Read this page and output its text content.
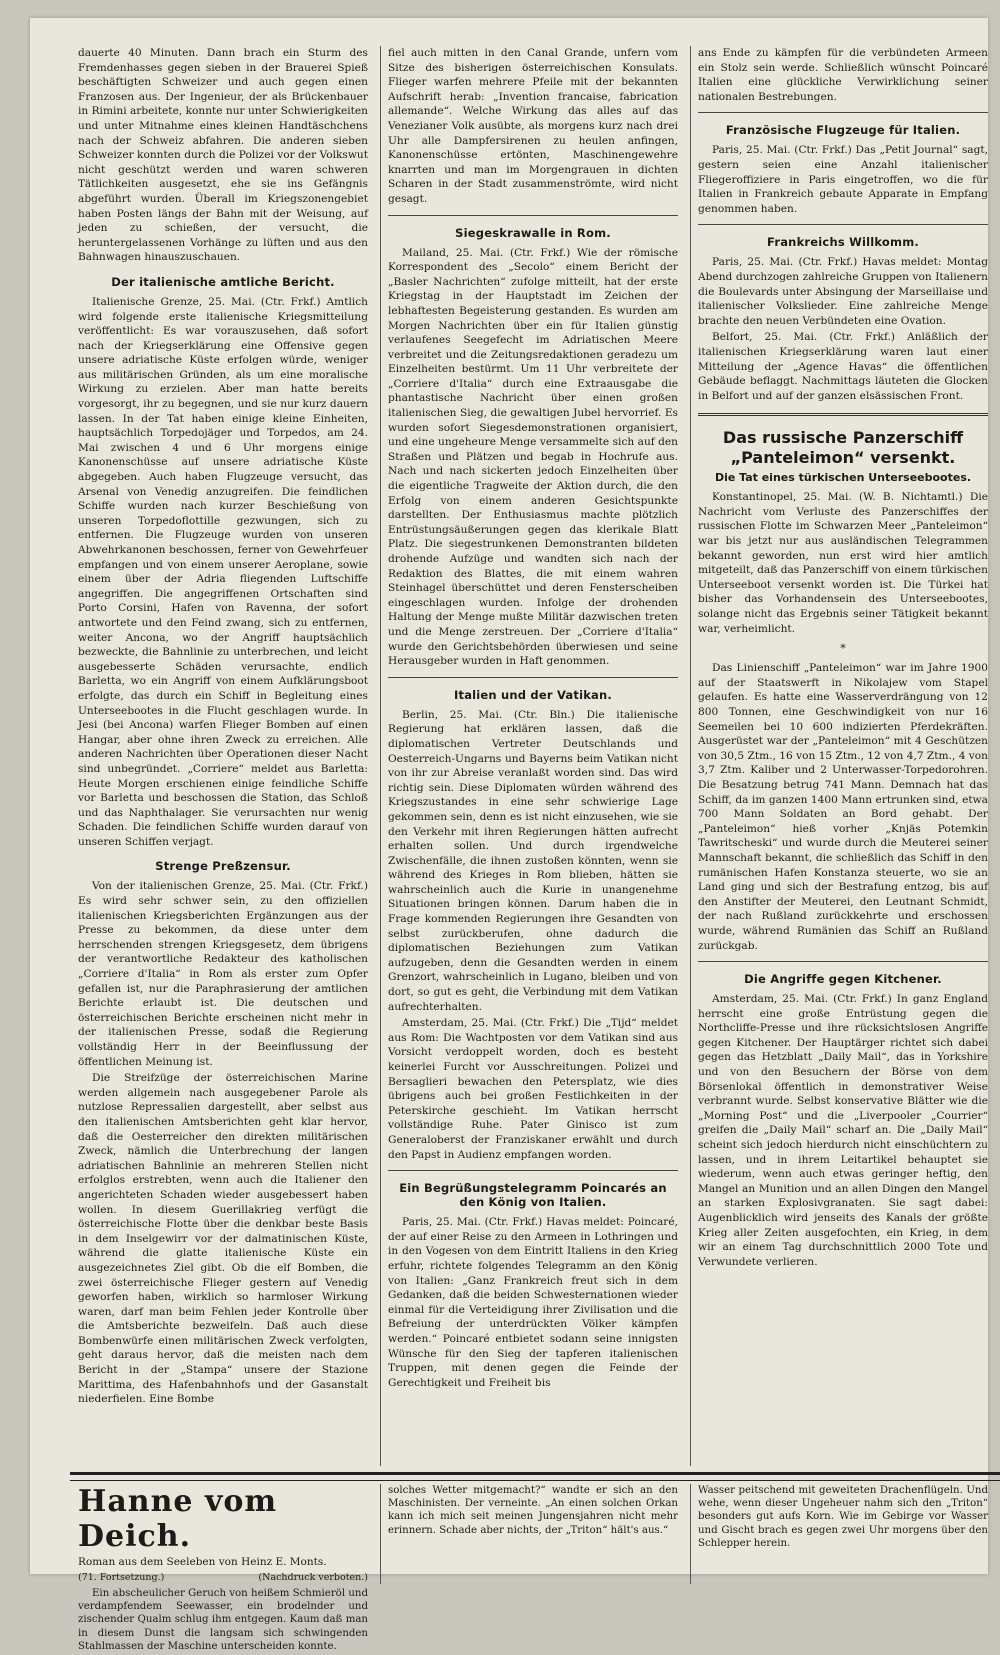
dauerte 40 Minuten. Dann brach ein Sturm des Fremdenhasses gegen sieben in der Brauerei Spieß beschäftigten Schweizer und auch gegen einen Franzosen aus. Der Ingenieur, der als Brückenbauer in Rimini arbeitete, konnte nur unter Schwierigkeiten und unter Mitnahme eines kleinen Handtäschchens nach der Schweiz abfahren. Die anderen sieben Schweizer konnten durch die Polizei vor der Volkswut nicht geschützt werden und waren schweren Tätlichkeiten ausgesetzt, ehe sie ins Gefängnis abgeführt wurden. Überall im Kriegszonengebiet haben Posten längs der Bahn mit der Weisung, auf jeden zu schießen, der versucht, die heruntergelassenen Vorhänge zu lüften und aus den Bahnwagen hinauszuschauen.

Der italienische amtliche Bericht.

Italienische Grenze, 25. Mai. (Ctr. Frkf.) Amtlich wird folgende erste italienische Kriegsmitteilung veröffentlicht: Es war vorauszusehen, daß sofort nach der Kriegserklärung eine Offensive gegen unsere adriatische Küste erfolgen würde, weniger aus militärischen Gründen, als um eine moralische Wirkung zu erzielen. Aber man hatte bereits vorgesorgt, ihr zu begegnen, und sie nur kurz dauern lassen. In der Tat haben einige kleine Einheiten, hauptsächlich Torpedojäger und Torpedos, am 24. Mai zwischen 4 und 6 Uhr morgens einige Kanonenschüsse auf unsere adriatische Küste abgegeben. Auch haben Flugzeuge versucht, das Arsenal von Venedig anzugreifen. Die feindlichen Schiffe wurden nach kurzer Beschießung von unseren Torpedoflottille gezwungen, sich zu entfernen. Die Flugzeuge wurden von unseren Abwehrkanonen beschossen, ferner von Gewehrfeuer empfangen und von einem unserer Aeroplane, sowie einem über der Adria fliegenden Luftschiffe angegriffen. Die angegriffenen Ortschaften sind Porto Corsini, Hafen von Ravenna, der sofort antwortete und den Feind zwang, sich zu entfernen, weiter Ancona, wo der Angriff hauptsächlich bezweckte, die Bahnlinie zu unterbrechen, und leicht ausgebesserte Schäden verursachte, endlich Barletta, wo ein Angriff von einem Aufklärungsboot erfolgte, das durch ein Schiff in Begleitung eines Unterseebootes in die Flucht geschlagen wurde. In Jesi (bei Ancona) warfen Flieger Bomben auf einen Hangar, aber ohne ihren Zweck zu erreichen. Alle anderen Nachrichten über Operationen dieser Nacht sind unbegründet. „Corriere“ meldet aus Barletta: Heute Morgen erschienen einige feindliche Schiffe vor Barletta und beschossen die Station, das Schloß und das Naphthalager. Sie verursachten nur wenig Schaden. Die feindlichen Schiffe wurden darauf von unseren Schiffen verjagt.

Strenge Preßzensur.

Von der italienischen Grenze, 25. Mai. (Ctr. Frkf.) Es wird sehr schwer sein, zu den offiziellen italienischen Kriegsberichten Ergänzungen aus der Presse zu bekommen, da diese unter dem herrschenden strengen Kriegsgesetz, dem übrigens der verantwortliche Redakteur des katholischen „Corriere d'Italia“ in Rom als erster zum Opfer gefallen ist, nur die Paraphrasierung der amtlichen Berichte erlaubt ist. Die deutschen und österreichischen Berichte erscheinen nicht mehr in der italienischen Presse, sodaß die Regierung vollständig Herr in der Beeinflussung der öffentlichen Meinung ist.

Die Streifzüge der österreichischen Marine werden allgemein nach ausgegebener Parole als nutzlose Repressalien dargestellt, aber selbst aus den italienischen Amtsberichten geht klar hervor, daß die Oesterreicher den direkten militärischen Zweck, nämlich die Unterbrechung der langen adriatischen Bahnlinie an mehreren Stellen nicht erfolglos erstrebten, wenn auch die Italiener den angerichteten Schaden wieder ausgebessert haben wollen. In diesem Guerillakrieg verfügt die österreichische Flotte über die denkbar beste Basis in dem Inselgewirr vor der dalmatinischen Küste, während die glatte italienische Küste ein ausgezeichnetes Ziel gibt. Ob die elf Bomben, die zwei österreichische Flieger gestern auf Venedig geworfen haben, wirklich so harmloser Wirkung waren, darf man beim Fehlen jeder Kontrolle über die Amtsberichte bezweifeln. Daß auch diese Bombenwürfe einen militärischen Zweck verfolgten, geht daraus hervor, daß die meisten nach dem Bericht in der „Stampa“ unsere der Stazione Marittima, des Hafenbahnhofs und der Gasanstalt niederfielen. Eine Bombe

fiel auch mitten in den Canal Grande, unfern vom Sitze des bisherigen österreichischen Konsulats. Flieger warfen mehrere Pfeile mit der bekannten Aufschrift herab: „Invention francaise, fabrication allemande“. Welche Wirkung das alles auf das Venezianer Volk ausübte, als morgens kurz nach drei Uhr alle Dampfersirenen zu heulen anfingen, Kanonenschüsse ertönten, Maschinengewehre knarrten und man im Morgengrauen in dichten Scharen in der Stadt zusammenströmte, wird nicht gesagt.

Siegeskrawalle in Rom.

Mailand, 25. Mai. (Ctr. Frkf.) Wie der römische Korrespondent des „Secolo“ einem Bericht der „Basler Nachrichten“ zufolge mitteilt, hat der erste Kriegstag in der Hauptstadt im Zeichen der lebhaftesten Begeisterung gestanden. Es wurden am Morgen Nachrichten über ein für Italien günstig verlaufenes Seegefecht im Adriatischen Meere verbreitet und die Zeitungsredaktionen geradezu um Einzelheiten bestürmt. Um 11 Uhr verbreitete der „Corriere d'Italia“ durch eine Extraausgabe die phantastische Nachricht über einen großen italienischen Sieg, die gewaltigen Jubel hervorrief. Es wurden sofort Siegesdemonstrationen organisiert, und eine ungeheure Menge versammelte sich auf den Straßen und Plätzen und begab in Hochrufe aus. Nach und nach sickerten jedoch Einzelheiten über die eigentliche Tragweite der Aktion durch, die den Erfolg von einem anderen Gesichtspunkte darstellten. Der Enthusiasmus machte plötzlich Entrüstungsäußerungen gegen das klerikale Blatt Platz. Die siegestrunkenen Demonstranten bildeten drohende Aufzüge und wandten sich nach der Redaktion des Blattes, die mit einem wahren Steinhagel überschüttet und deren Fensterscheiben eingeschlagen wurden. Infolge der drohenden Haltung der Menge mußte Militär dazwischen treten und die Menge zerstreuen. Der „Corriere d'Italia“ wurde den Gerichtsbehörden überwiesen und seine Herausgeber wurden in Haft genommen.

Italien und der Vatikan.

Berlin, 25. Mai. (Ctr. Bln.) Die italienische Regierung hat erklären lassen, daß die diplomatischen Vertreter Deutschlands und Oesterreich-Ungarns und Bayerns beim Vatikan nicht von ihr zur Abreise veranlaßt worden sind. Das wird richtig sein. Diese Diplomaten würden während des Kriegszustandes in eine sehr schwierige Lage gekommen sein, denn es ist nicht einzusehen, wie sie den Verkehr mit ihren Regierungen hätten aufrecht erhalten sollen. Und durch irgendwelche Zwischenfälle, die ihnen zustoßen könnten, wenn sie während des Krieges in Rom blieben, hätten sie wahrscheinlich auch die Kurie in unangenehme Situationen bringen können. Darum haben die in Frage kommenden Regierungen ihre Gesandten von selbst zurückberufen, ohne dadurch die diplomatischen Beziehungen zum Vatikan aufzugeben, denn die Gesandten werden in einem Grenzort, wahrscheinlich in Lugano, bleiben und von dort, so gut es geht, die Verbindung mit dem Vatikan aufrechterhalten.

Amsterdam, 25. Mai. (Ctr. Frkf.) Die „Tijd“ meldet aus Rom: Die Wachtposten vor dem Vatikan sind aus Vorsicht verdoppelt worden, doch es besteht keinerlei Furcht vor Ausschreitungen. Polizei und Bersaglieri bewachen den Petersplatz, wie dies übrigens auch bei großen Festlichkeiten in der Peterskirche geschieht. Im Vatikan herrscht vollständige Ruhe. Pater Ginisco ist zum Generaloberst der Franziskaner erwählt und durch den Papst in Audienz empfangen worden.

Ein Begrüßungstelegramm Poincarés an den König von Italien.

Paris, 25. Mai. (Ctr. Frkf.) Havas meldet: Poincaré, der auf einer Reise zu den Armeen in Lothringen und in den Vogesen von dem Eintritt Italiens in den Krieg erfuhr, richtete folgendes Telegramm an den König von Italien: „Ganz Frankreich freut sich in dem Gedanken, daß die beiden Schwesternationen wieder einmal für die Verteidigung ihrer Zivilisation und die Befreiung der unterdrückten Völker kämpfen werden.“ Poincaré entbietet sodann seine innigsten Wünsche für den Sieg der tapferen italienischen Truppen, mit denen gegen die Feinde der Gerechtigkeit und Freiheit bis

ans Ende zu kämpfen für die verbündeten Armeen ein Stolz sein werde. Schließlich wünscht Poincaré Italien eine glückliche Verwirklichung seiner nationalen Bestrebungen.

Französische Flugzeuge für Italien.

Paris, 25. Mai. (Ctr. Frkf.) Das „Petit Journal“ sagt, gestern seien eine Anzahl italienischer Fliegeroffiziere in Paris eingetroffen, wo die für Italien in Frankreich gebaute Apparate in Empfang genommen haben.

Frankreichs Willkomm.

Paris, 25. Mai. (Ctr. Frkf.) Havas meldet: Montag Abend durchzogen zahlreiche Gruppen von Italienern die Boulevards unter Absingung der Marseillaise und italienischer Volkslieder. Eine zahlreiche Menge brachte den neuen Verbündeten eine Ovation.

Belfort, 25. Mai. (Ctr. Frkf.) Anläßlich der italienischen Kriegserklärung waren laut einer Mitteilung der „Agence Havas“ die öffentlichen Gebäude beflaggt. Nachmittags läuteten die Glocken in Belfort und auf der ganzen elsässischen Front.

Das russische Panzerschiff „Panteleimon“ versenkt.
Die Tat eines türkischen Unterseebootes.

Konstantinopel, 25. Mai. (W. B. Nichtamtl.) Die Nachricht vom Verluste des Panzerschiffes der russischen Flotte im Schwarzen Meer „Panteleimon“ war bis jetzt nur aus ausländischen Telegrammen bekannt geworden, nun erst wird hier amtlich mitgeteilt, daß das Panzerschiff von einem türkischen Unterseeboot versenkt worden ist. Die Türkei hat bisher das Vorhandensein des Unterseebootes, solange nicht das Ergebnis seiner Tätigkeit bekannt war, verheimlicht.

*

Das Linienschiff „Panteleimon“ war im Jahre 1900 auf der Staatswerft in Nikolajew vom Stapel gelaufen. Es hatte eine Wasserverdrängung von 12 800 Tonnen, eine Geschwindigkeit von nur 16 Seemeilen bei 10 600 indizierten Pferdekräften. Ausgerüstet war der „Panteleimon“ mit 4 Geschützen von 30,5 Ztm., 16 von 15 Ztm., 12 von 4,7 Ztm., 4 von 3,7 Ztm. Kaliber und 2 Unterwasser-Torpedorohren. Die Besatzung betrug 741 Mann. Demnach hat das Schiff, da im ganzen 1400 Mann ertrunken sind, etwa 700 Mann Soldaten an Bord gehabt. Der „Panteleimon“ hieß vorher „Knjäs Potemkin Tawritscheski“ und wurde durch die Meuterei seiner Mannschaft bekannt, die schließlich das Schiff in den rumänischen Hafen Konstanza steuerte, wo sie an Land ging und sich der Bestrafung entzog, bis auf den Anstifter der Meuterei, den Leutnant Schmidt, der nach Rußland zurückkehrte und erschossen wurde, während Rumänien das Schiff an Rußland zurückgab.

Die Angriffe gegen Kitchener.

Amsterdam, 25. Mai. (Ctr. Frkf.) In ganz England herrscht eine große Entrüstung gegen die Northcliffe-Presse und ihre rücksichtslosen Angriffe gegen Kitchener. Der Hauptärger richtet sich dabei gegen das Hetzblatt „Daily Mail“, das in Yorkshire und von den Besuchern der Börse von dem Börsenlokal öffentlich in demonstrativer Weise verbrannt wurde. Selbst konservative Blätter wie die „Morning Post“ und die „Liverpooler „Courrier“ greifen die „Daily Mail“ scharf an. Die „Daily Mail“ scheint sich jedoch hierdurch nicht einschüchtern zu lassen, und in ihrem Leitartikel behauptet sie wiederum, wenn auch etwas geringer heftig, den Mangel an Munition und an allen Dingen den Mangel an starken Explosivgranaten. Sie sagt dabei: Augenblicklich wird jenseits des Kanals der größte Krieg aller Zeiten ausgefochten, ein Krieg, in dem wir an einem Tag durchschnittlich 2000 Tote und Verwundete verlieren.

Hanne vom Deich.
Roman aus dem Seeleben von Heinz E. Monts.
(71. Fortsetzung.)	(Nachdruck verboten.)

Ein abscheulicher Geruch von heißem Schmieröl und verdampfendem Seewasser, ein brodelnder und zischender Qualm schlug ihm entgegen. Kaum daß man in diesem Dunst die langsam sich schwingenden Stahlmassen der Maschine unterscheiden konnte.

solches Wetter mitgemacht?“ wandte er sich an den Maschinisten. Der verneinte. „An einen solchen Orkan kann ich mich seit meinen Jungensjahren nicht mehr erinnern. Schade aber nichts, der „Triton“ hält's aus.“

Wasser peitschend mit geweiteten Drachenflügeln. Und wehe, wenn dieser Ungeheuer nahm sich den „Triton“ besonders gut aufs Korn. Wie im Gebirge vor Wasser und Gischt brach es gegen zwei Uhr morgens über den Schlepper herein.
